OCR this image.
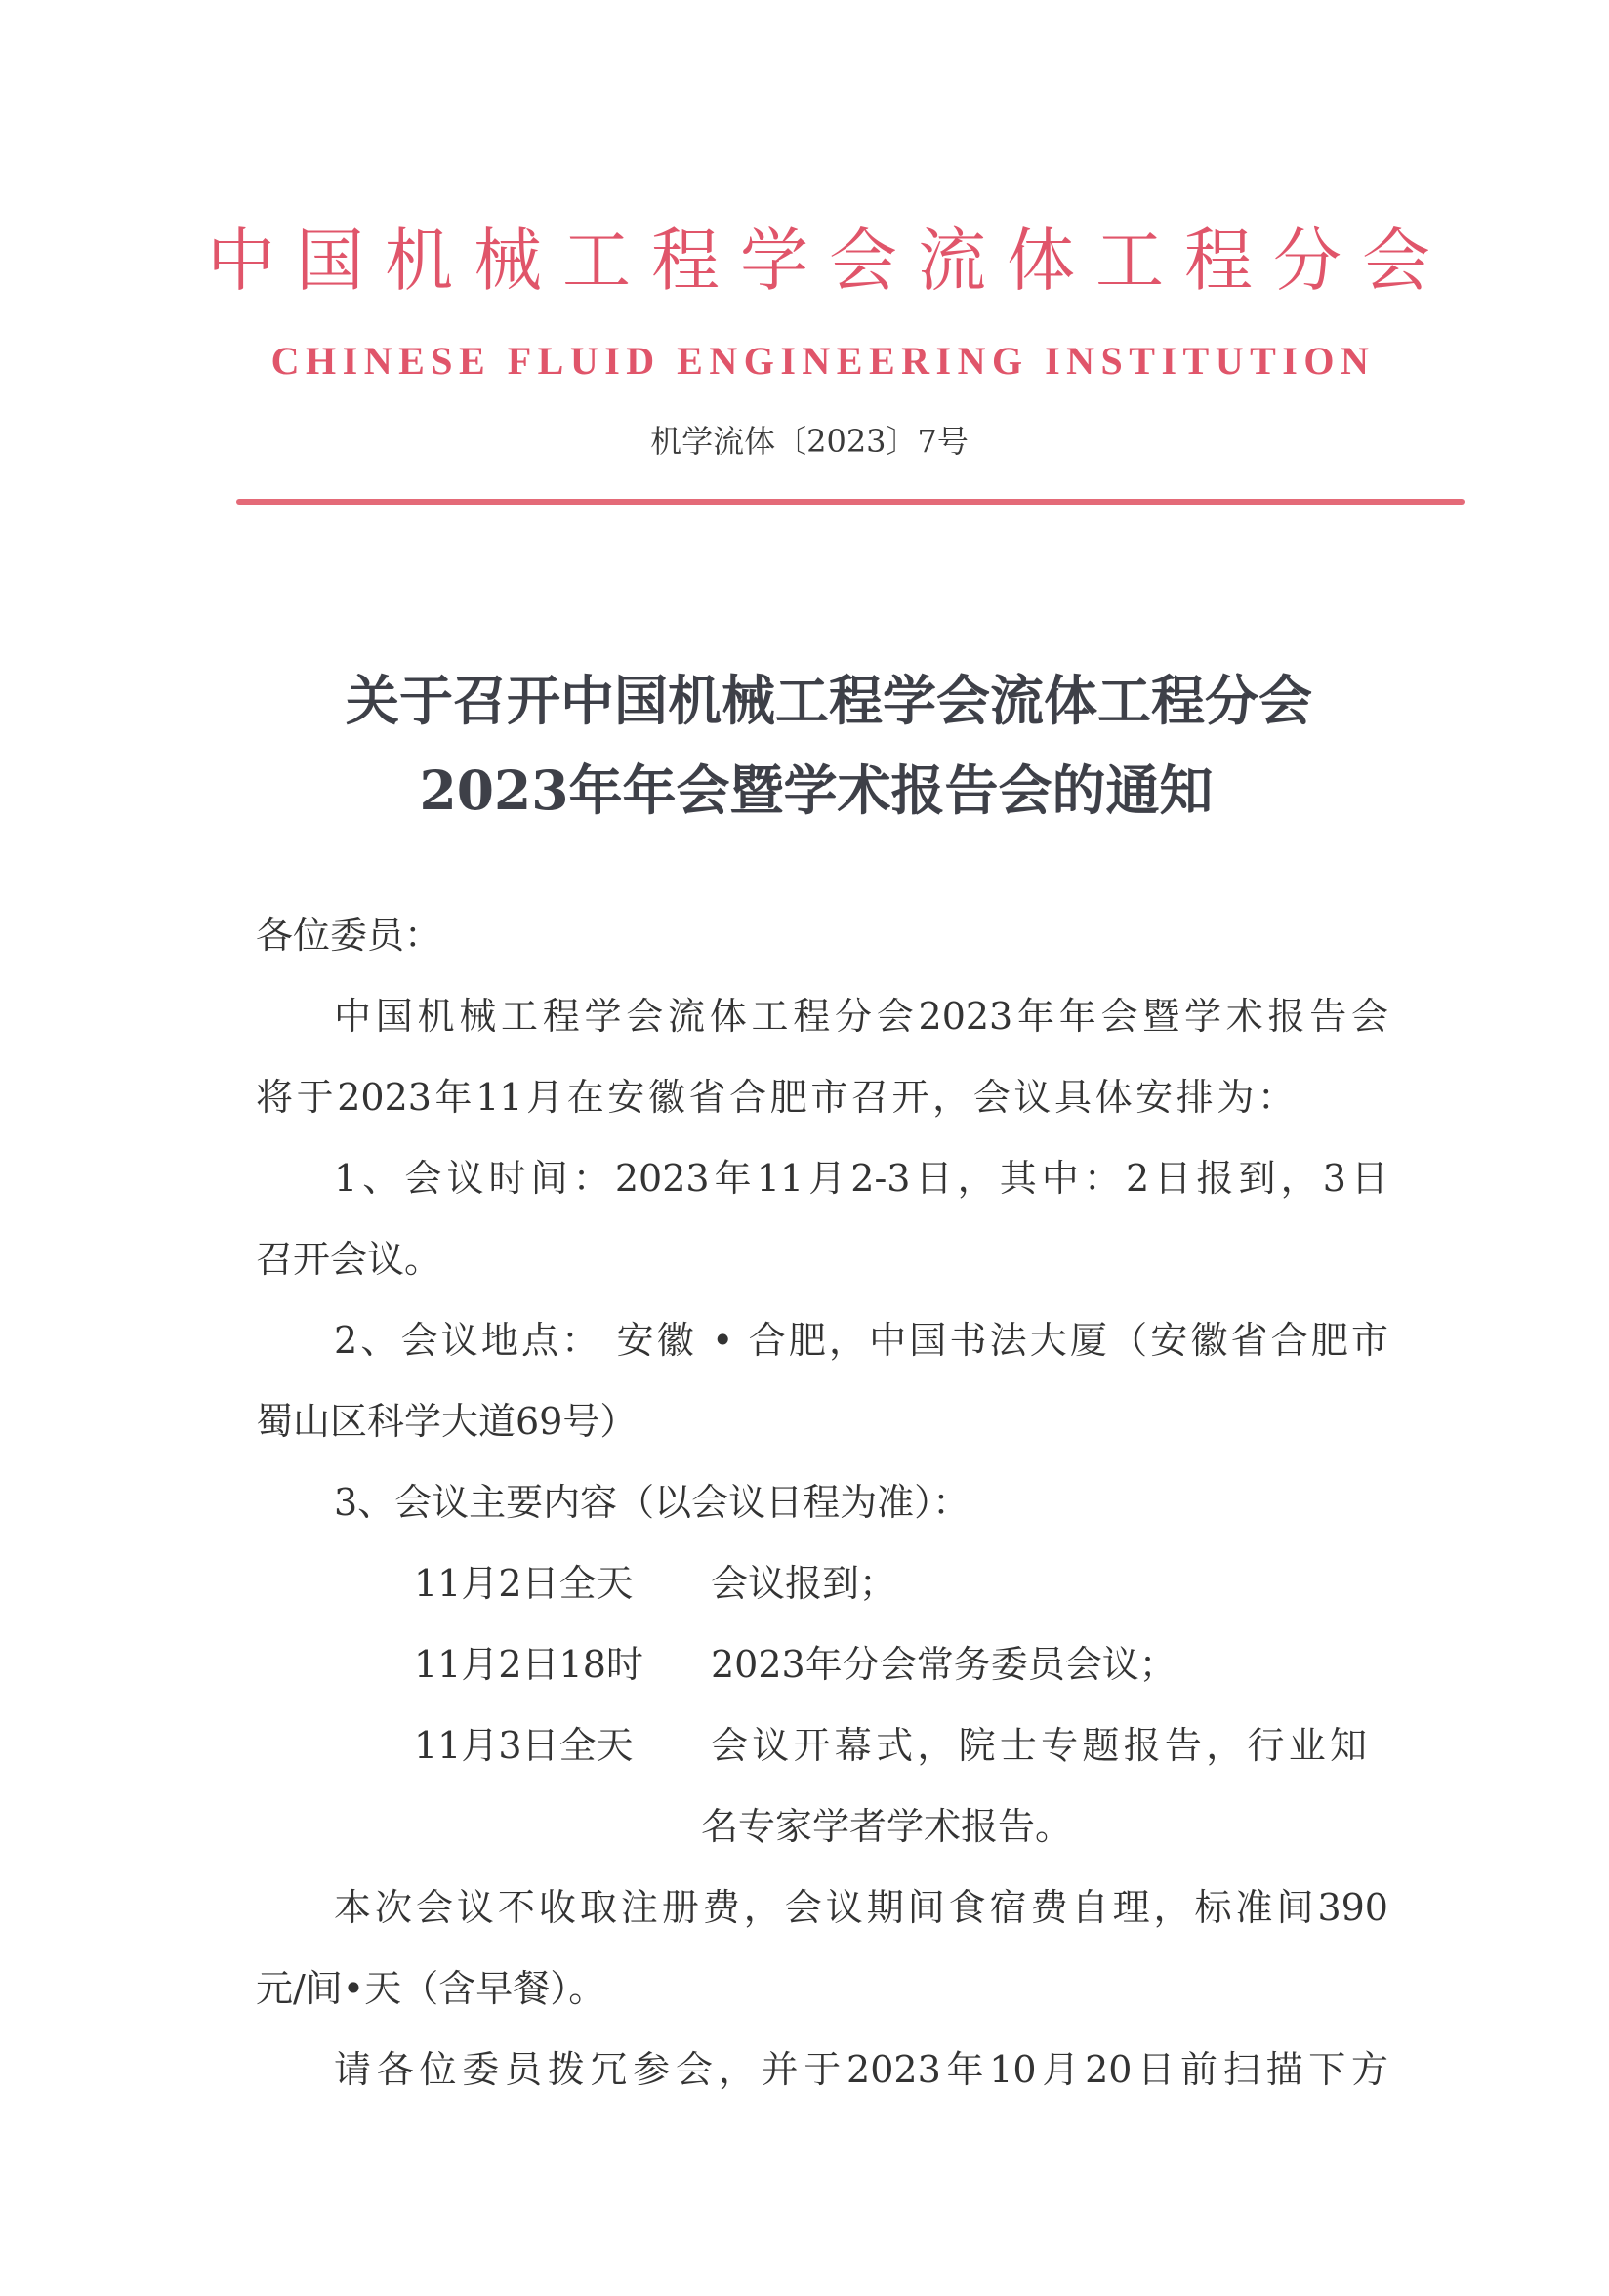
中国机械工程学会流体工程分会
CHINESE FLUID ENGINEERING INSTITUTION
机学流体〔2023〕7号
关于召开中国机械工程学会流体工程分会
2023年年会暨学术报告会的通知
各位委员：
中国机械工程学会流体工程分会2023年年会暨学术报告会
将于2023年11月在安徽省合肥市召开，会议具体安排为：
1、会议时间：2023年11月2-3日，其中：2日报到，3日
召开会议。
2、会议地点： 安徽 • 合肥，中国书法大厦（安徽省合肥市
蜀山区科学大道69号）
3、会议主要内容（以会议日程为准）：
11月2日全天 会议报到；
11月2日18时 2023年分会常务委员会议；
11月3日全天 会议开幕式，院士专题报告，行业知
名专家学者学术报告。
本次会议不收取注册费，会议期间食宿费自理，标准间390
元/间•天（含早餐）。
请各位委员拨冗参会，并于2023年10月20日前扫描下方
